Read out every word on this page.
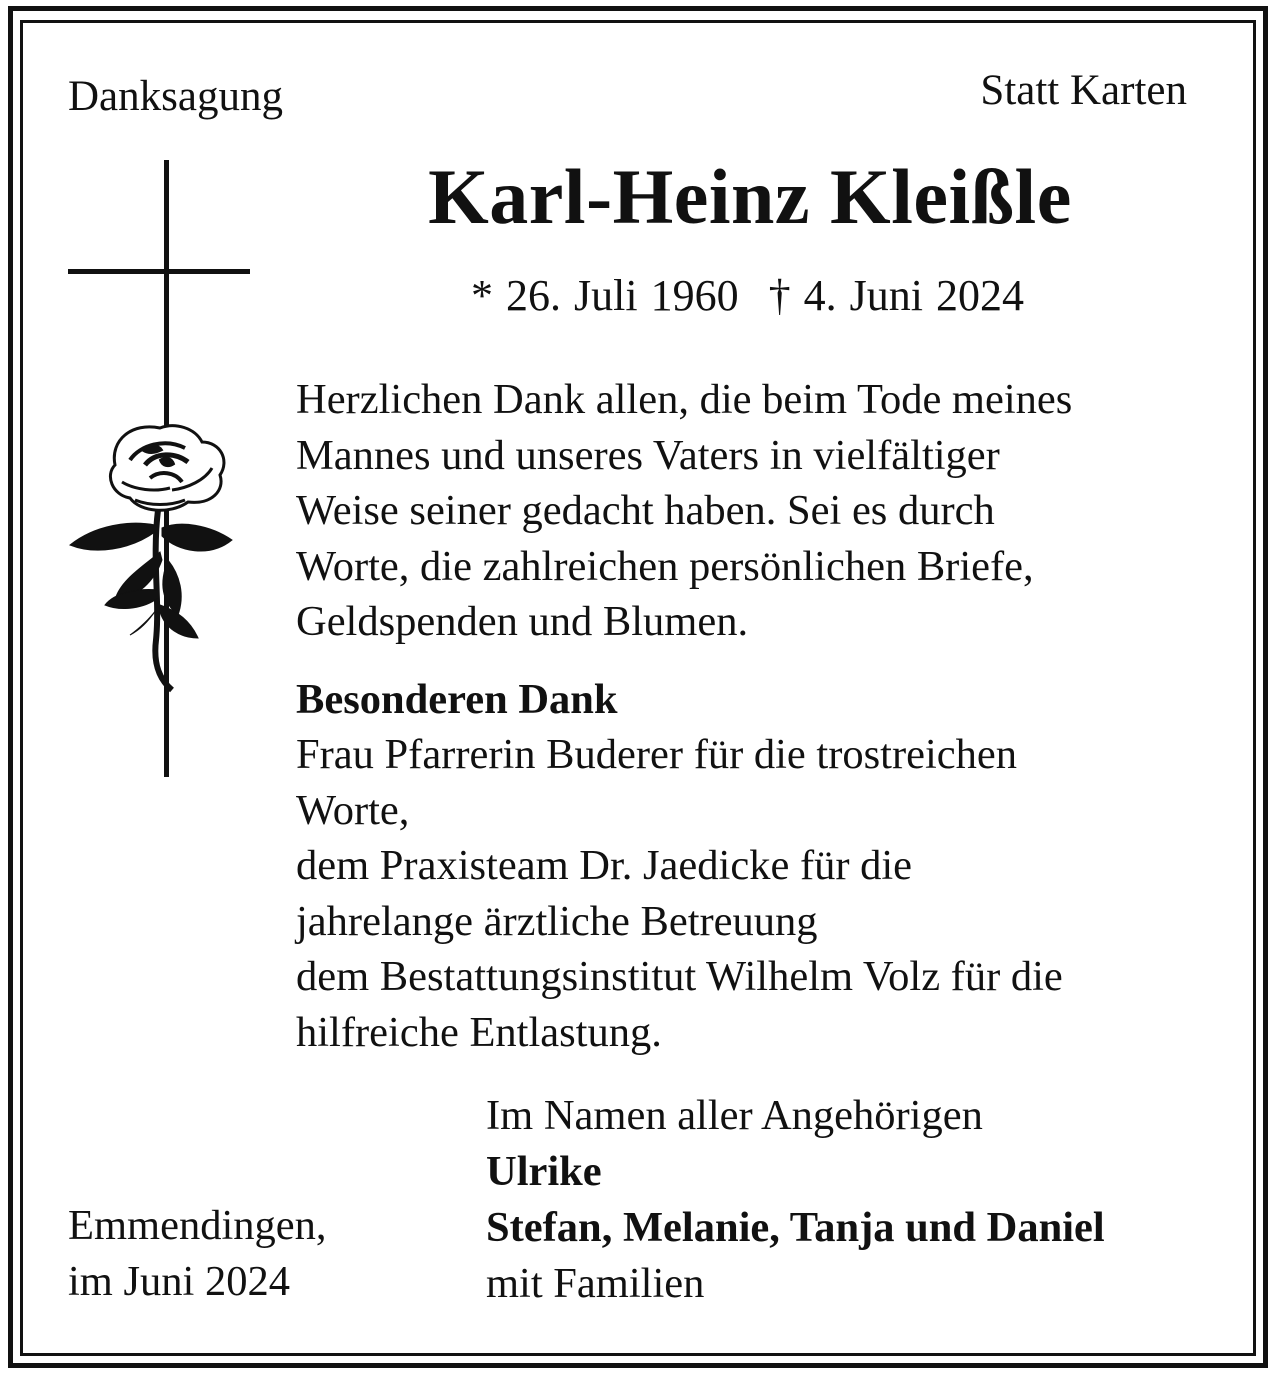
Danksagung	Statt Karten
Karl-Heinz Kleißle
* 26. Juli 1960 † 4. Juni 2024
Herzlichen Dank allen, die beim Tode meines
Mannes und unseres Vaters in vielfältiger
Weise seiner gedacht haben. Sei es durch
Worte, die zahlreichen persönlichen Briefe,
Geldspenden und Blumen.
Besonderen Dank
Frau Pfarrerin Buderer für die trostreichen
Worte,
dem Praxisteam Dr. Jaedicke für die
jahrelange ärztliche Betreuung
dem Bestattungsinstitut Wilhelm Volz für die
hilfreiche Entlastung.
Im Namen aller Angehörigen
Ulrike
Stefan, Melanie, Tanja und Daniel
mit Familien
Emmendingen,
im Juni 2024
